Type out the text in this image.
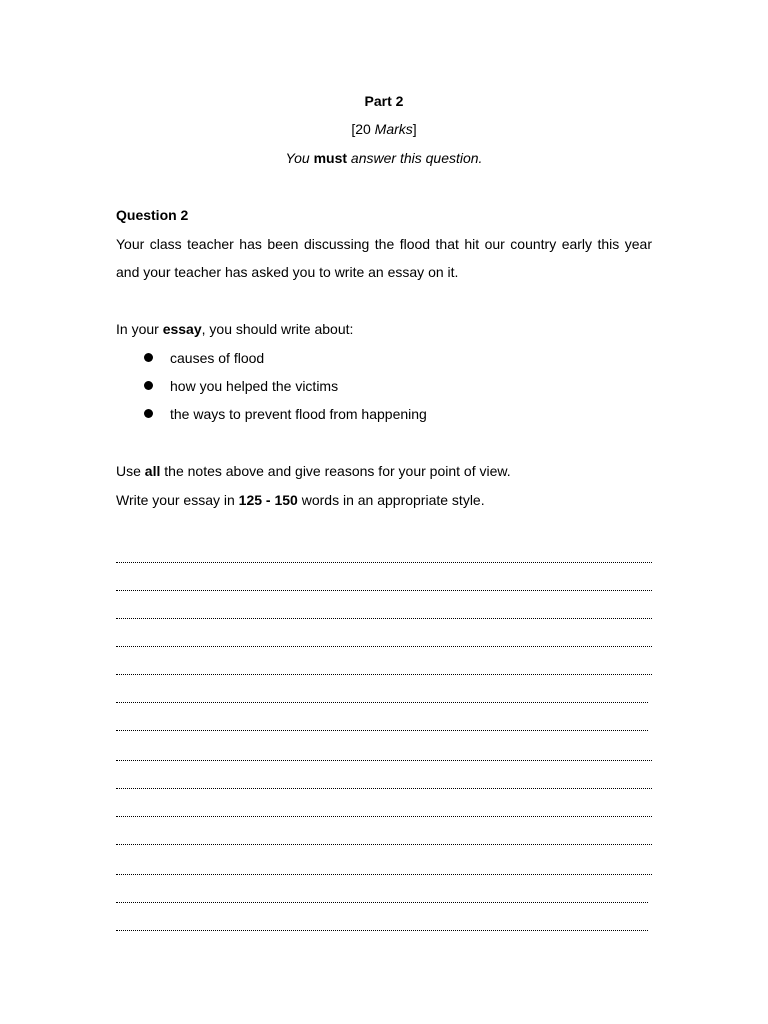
Part 2
[20 Marks]
You must answer this question.
Question 2
Your class teacher has been discussing the flood that hit our country early this year
and your teacher has asked you to write an essay on it.
In your essay, you should write about:
causes of flood
how you helped the victims
the ways to prevent flood from happening
Use all the notes above and give reasons for your point of view.
Write your essay in 125 - 150 words in an appropriate style.
